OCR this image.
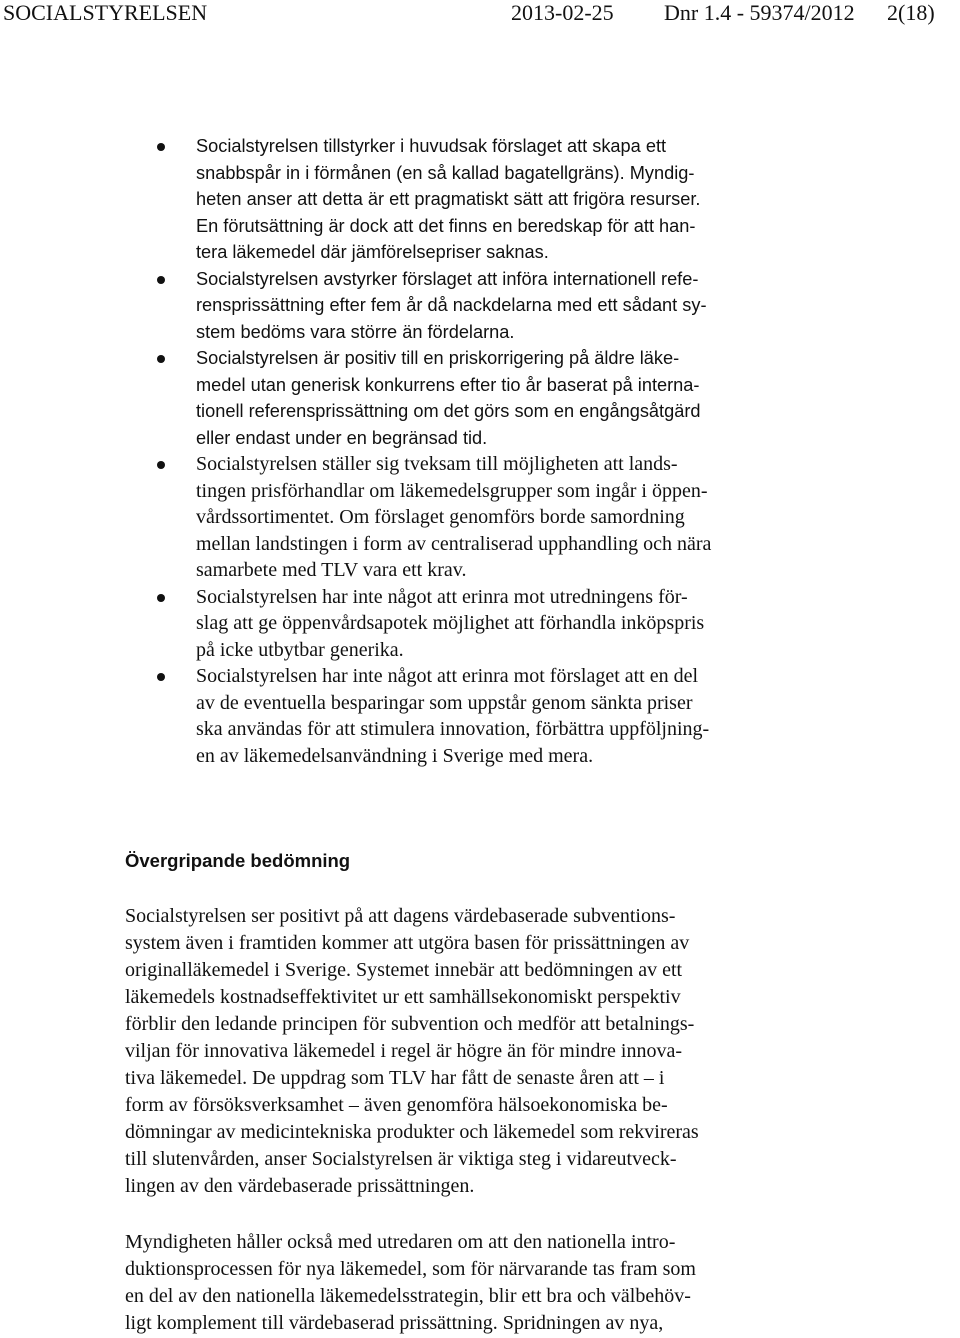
SOCIALSTYRELSEN	2013-02-25 Dnr 1.4 - 59374/2012 2(18)
Socialstyrelsen tillstyrker i huvudsak förslaget att skapa ett
snabbspår in i förmånen (en så kallad bagatellgräns). Myndig-
heten anser att detta är ett pragmatiskt sätt att frigöra resurser.
En förutsättning är dock att det finns en beredskap för att han-
tera läkemedel där jämförelsepriser saknas.
Socialstyrelsen avstyrker förslaget att införa internationell refe-
rensprissättning efter fem år då nackdelarna med ett sådant sy-
stem bedöms vara större än fördelarna.
Socialstyrelsen är positiv till en priskorrigering på äldre läke-
medel utan generisk konkurrens efter tio år baserat på interna-
tionell referensprissättning om det görs som en engångsåtgärd
eller endast under en begränsad tid.
Socialstyrelsen ställer sig tveksam till möjligheten att lands-
tingen prisförhandlar om läkemedelsgrupper som ingår i öppen-
vårdssortimentet. Om förslaget genomförs borde samordning
mellan landstingen i form av centraliserad upphandling och nära
samarbete med TLV vara ett krav.
Socialstyrelsen har inte något att erinra mot utredningens för-
slag att ge öppenvårdsapotek möjlighet att förhandla inköpspris
på icke utbytbar generika.
Socialstyrelsen har inte något att erinra mot förslaget att en del
av de eventuella besparingar som uppstår genom sänkta priser
ska användas för att stimulera innovation, förbättra uppföljning-
en av läkemedelsanvändning i Sverige med mera.
Övergripande bedömning
Socialstyrelsen ser positivt på att dagens värdebaserade subventions-
system även i framtiden kommer att utgöra basen för prissättningen av
originalläkemedel i Sverige. Systemet innebär att bedömningen av ett
läkemedels kostnadseffektivitet ur ett samhällsekonomiskt perspektiv
förblir den ledande principen för subvention och medför att betalnings-
viljan för innovativa läkemedel i regel är högre än för mindre innova-
tiva läkemedel. De uppdrag som TLV har fått de senaste åren att – i
form av försöksverksamhet – även genomföra hälsoekonomiska be-
dömningar av medicintekniska produkter och läkemedel som rekvireras
till slutenvården, anser Socialstyrelsen är viktiga steg i vidareutveck-
lingen av den värdebaserade prissättningen.
Myndigheten håller också med utredaren om att den nationella intro-
duktionsprocessen för nya läkemedel, som för närvarande tas fram som
en del av den nationella läkemedelsstrategin, blir ett bra och välbehöv-
ligt komplement till värdebaserad prissättning. Spridningen av nya,
